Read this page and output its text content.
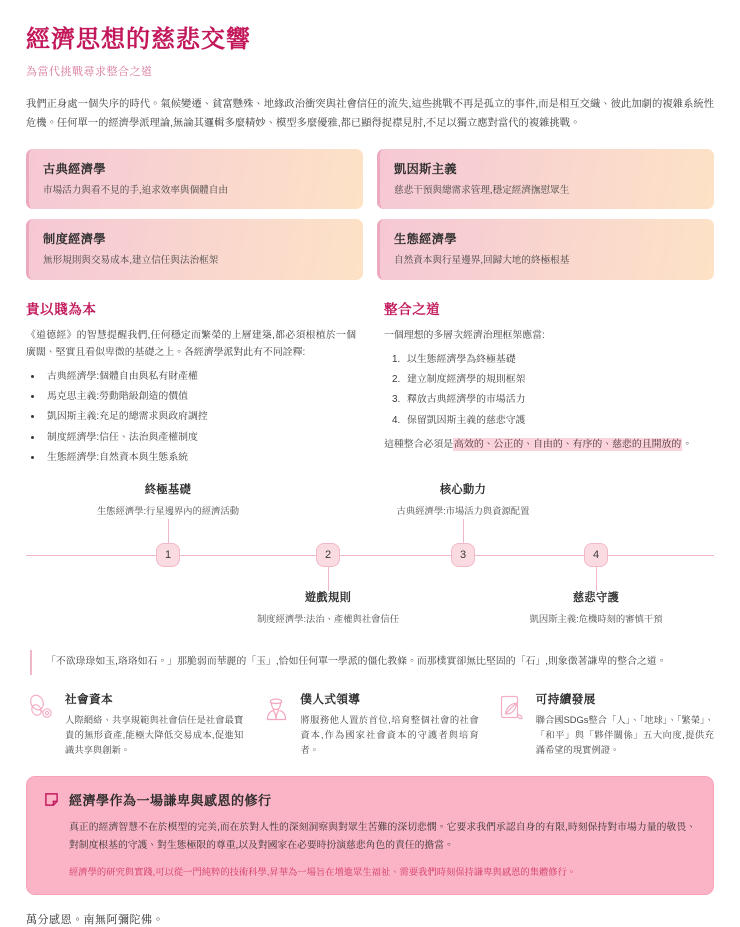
經濟思想的慈悲交響
為當代挑戰尋求整合之道

我們正身處一個失序的時代。氣候變遷、貧富懸殊、地緣政治衝突與社會信任的流失,這些挑戰不再是孤立的事件,而是相互交織、彼此加劇的複雜系統性危機。任何單一的經濟學派理論,無論其邏輯多麼精妙、模型多麼優雅,都已顯得捉襟見肘,不足以獨立應對當代的複雜挑戰。

古典經濟學
市場活力與看不見的手,追求效率與個體自由
凱因斯主義
慈悲干預與總需求管理,穩定經濟撫慰眾生
制度經濟學
無形規則與交易成本,建立信任與法治框架
生態經濟學
自然資本與行星邊界,回歸大地的終極根基
貴以賤為本

《道德經》的智慧提醒我們,任何穩定而繁榮的上層建築,都必須根植於一個廣闊、堅實且看似卑微的基礎之上。各經濟學派對此有不同詮釋:

• 古典經濟學:個體自由與私有財產權
• 馬克思主義:勞動階級創造的價值
• 凱因斯主義:充足的總需求與政府調控
• 制度經濟學:信任、法治與產權制度
• 生態經濟學:自然資本與生態系統
整合之道

一個理想的多層次經濟治理框架應當:

1. 以生態經濟學為終極基礎
2. 建立制度經濟學的規則框架
3. 釋放古典經濟學的市場活力
4. 保留凱因斯主義的慈悲守護
這種整合必須是高效的、公正的、自由的、有序的、慈悲的且開放的。
終極基礎
生態經濟學:行星邊界內的經濟活動
1	2
遊戲規則
制度經濟學:法治、產權與社會信任
核心動力
古典經濟學:市場活力與資源配置
3	4
慈悲守護
凱因斯主義:危機時刻的審慎干預
「不欲琭琭如玉,珞珞如石。」那脆弱而華麗的「玉」,恰如任何單一學派的僵化教條。而那樸實卻無比堅固的「石」,則象徵著謙卑的整合之道。
社會資本
人際網絡、共享規範與社會信任是社會最寶貴的無形資產,能極大降低交易成本,促進知識共享與創新。
僕人式領導
將服務他人置於首位,培育整個社會的社會資本,作為國家社會資本的守護者與培育者。
可持續發展
聯合國SDGs整合「人」、「地球」、「繁榮」、「和平」與「夥伴關係」五大向度,提供充滿希望的現實例證。
經濟學作為一場謙卑與感恩的修行

真正的經濟智慧不在於模型的完美,而在於對人性的深刻洞察與對眾生苦難的深切悲憫。它要求我們承認自身的有限,時刻保持對市場力量的敬畏、對制度根基的守護、對生態極限的尊重,以及對國家在必要時扮演慈悲角色的責任的擔當。

經濟學的研究與實踐,可以從一門純粹的技術科學,昇華為一場旨在增進眾生福祉、需要我們時刻保持謙卑與感恩的集體修行。
萬分感恩。南無阿彌陀佛。
